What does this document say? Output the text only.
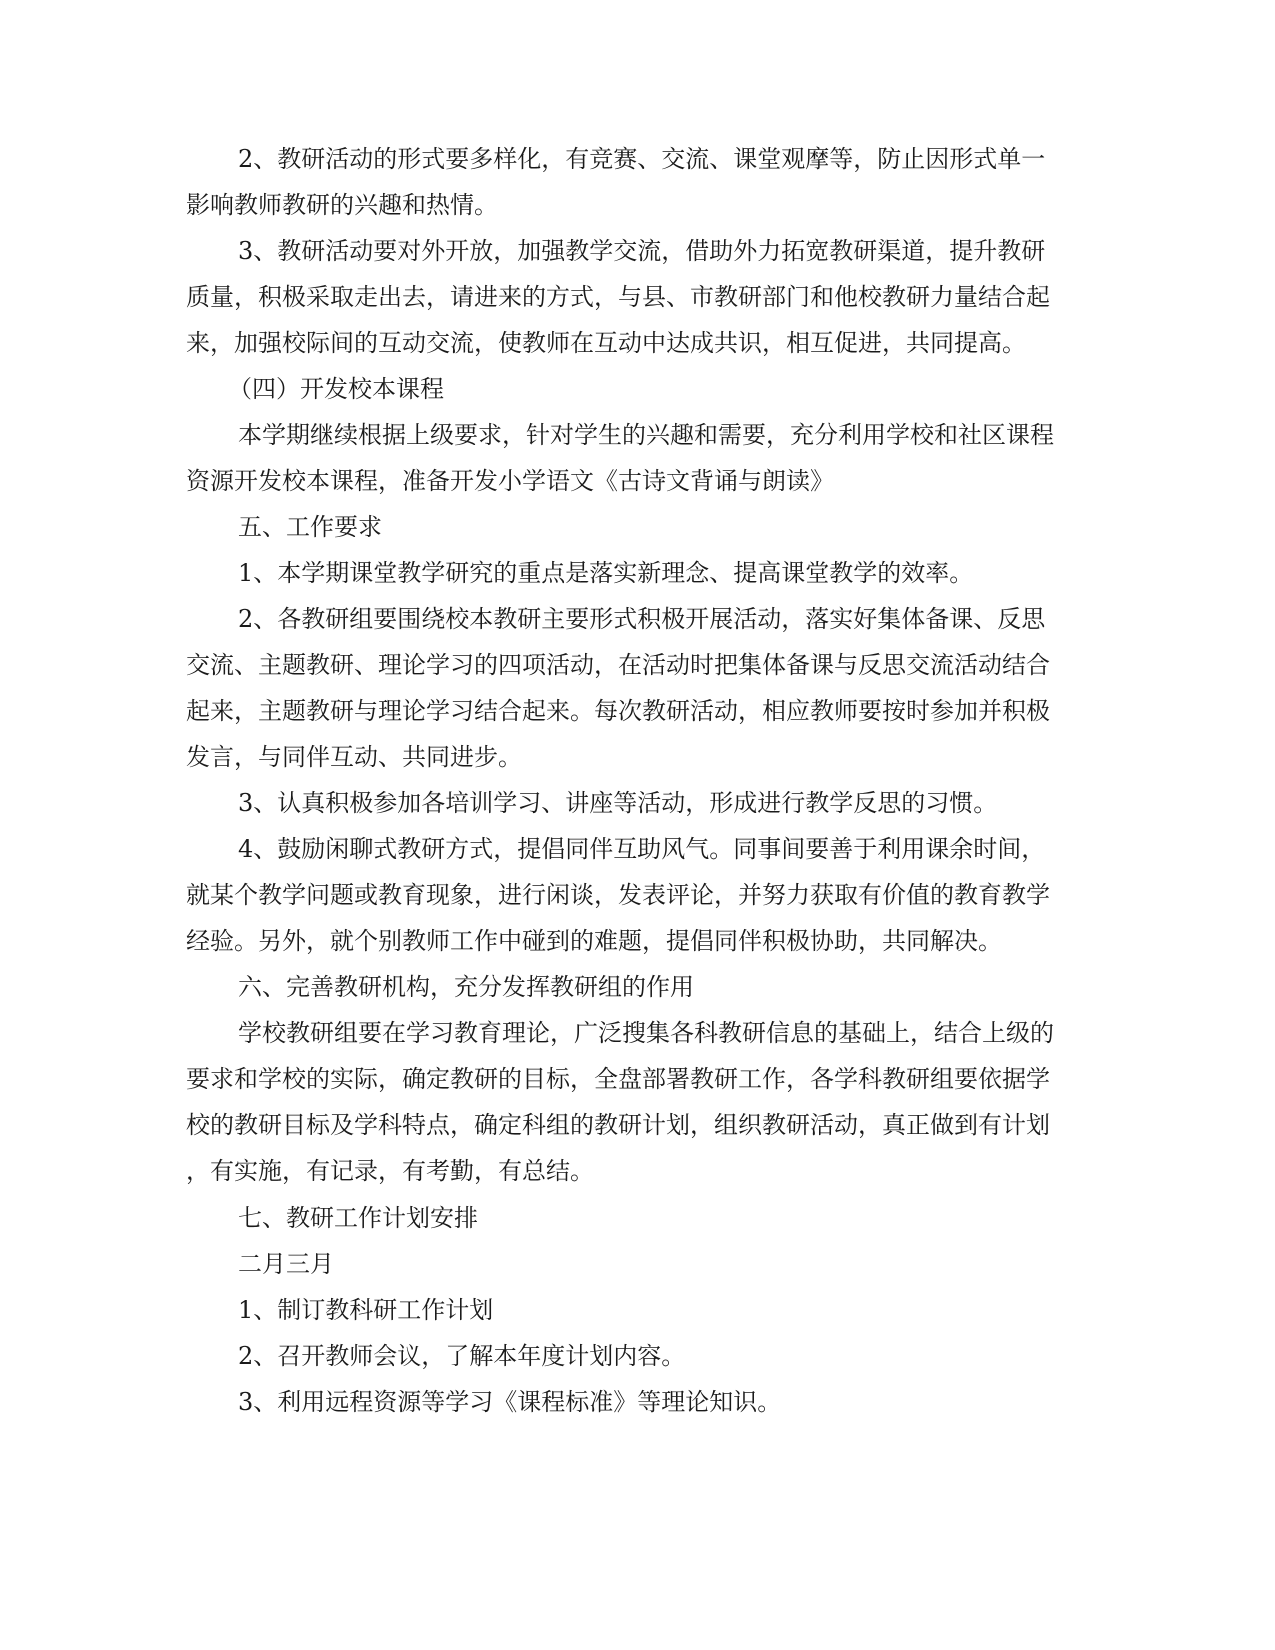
2、教研活动的形式要多样化，有竞赛、交流、课堂观摩等，防止因形式单一
影响教师教研的兴趣和热情。
3、教研活动要对外开放，加强教学交流，借助外力拓宽教研渠道，提升教研
质量，积极采取走出去，请进来的方式，与县、市教研部门和他校教研力量结合起
来，加强校际间的互动交流，使教师在互动中达成共识，相互促进，共同提高。
（四）开发校本课程
本学期继续根据上级要求，针对学生的兴趣和需要，充分利用学校和社区课程
资源开发校本课程，准备开发小学语文《古诗文背诵与朗读》
五、工作要求
1、本学期课堂教学研究的重点是落实新理念、提高课堂教学的效率。
2、各教研组要围绕校本教研主要形式积极开展活动，落实好集体备课、反思
交流、主题教研、理论学习的四项活动，在活动时把集体备课与反思交流活动结合
起来，主题教研与理论学习结合起来。每次教研活动，相应教师要按时参加并积极
发言，与同伴互动、共同进步。
3、认真积极参加各培训学习、讲座等活动，形成进行教学反思的习惯。
4、鼓励闲聊式教研方式，提倡同伴互助风气。同事间要善于利用课余时间，
就某个教学问题或教育现象，进行闲谈，发表评论，并努力获取有价值的教育教学
经验。另外，就个别教师工作中碰到的难题，提倡同伴积极协助，共同解决。
六、完善教研机构，充分发挥教研组的作用
学校教研组要在学习教育理论，广泛搜集各科教研信息的基础上，结合上级的
要求和学校的实际，确定教研的目标，全盘部署教研工作，各学科教研组要依据学
校的教研目标及学科特点，确定科组的教研计划，组织教研活动，真正做到有计划
，有实施，有记录，有考勤，有总结。
七、教研工作计划安排
二月三月
1、制订教科研工作计划
2、召开教师会议，了解本年度计划内容。
3、利用远程资源等学习《课程标准》等理论知识。
